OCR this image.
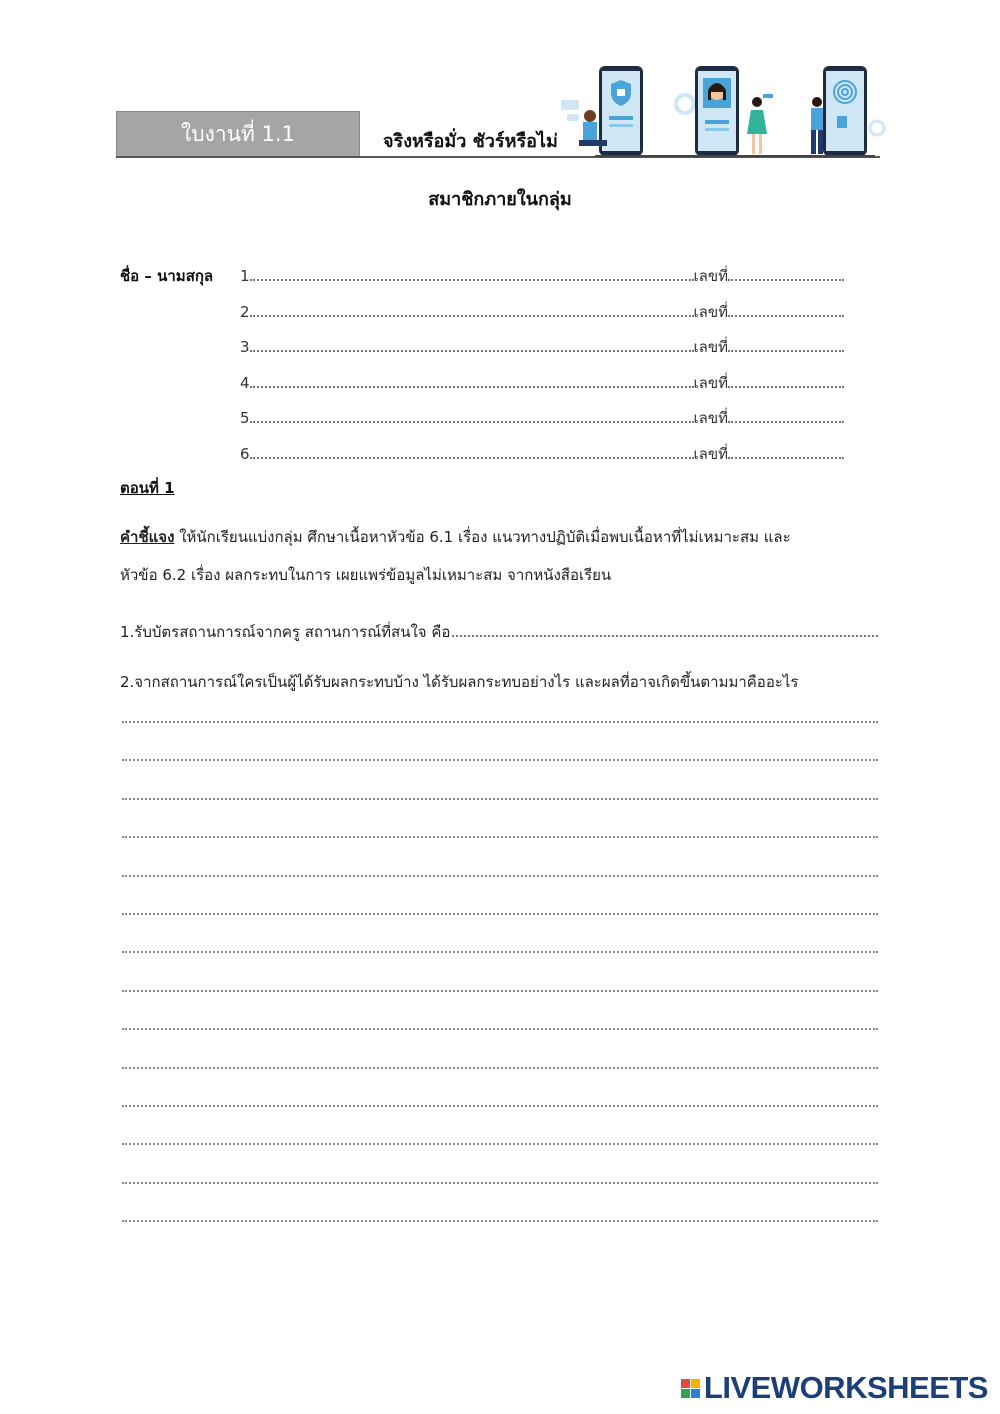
ใบงานที่ 1.1	จริงหรือมั่ว ชัวร์หรือไม่
สมาชิกภายในกลุ่ม
ชื่อ – นามสกุล 1	เลขที่
2	เลขที่
3	เลขที่
4	เลขที่
5	เลขที่
6	เลขที่
ตอนที่ 1
คำชี้แจง ให้นักเรียนแบ่งกลุ่ม ศึกษาเนื้อหาหัวข้อ 6.1 เรื่อง แนวทางปฏิบัติเมื่อพบเนื้อหาที่ไม่เหมาะสม และ
หัวข้อ 6.2 เรื่อง ผลกระทบในการ เผยแพร่ข้อมูลไม่เหมาะสม จากหนังสือเรียน
1.รับบัตรสถานการณ์จากครู สถานการณ์ที่สนใจ คือ
2.จากสถานการณ์ใครเป็นผู้ได้รับผลกระทบบ้าง ได้รับผลกระทบอย่างไร และผลที่อาจเกิดขึ้นตามมาคืออะไร
LIVEWORKSHEETS
